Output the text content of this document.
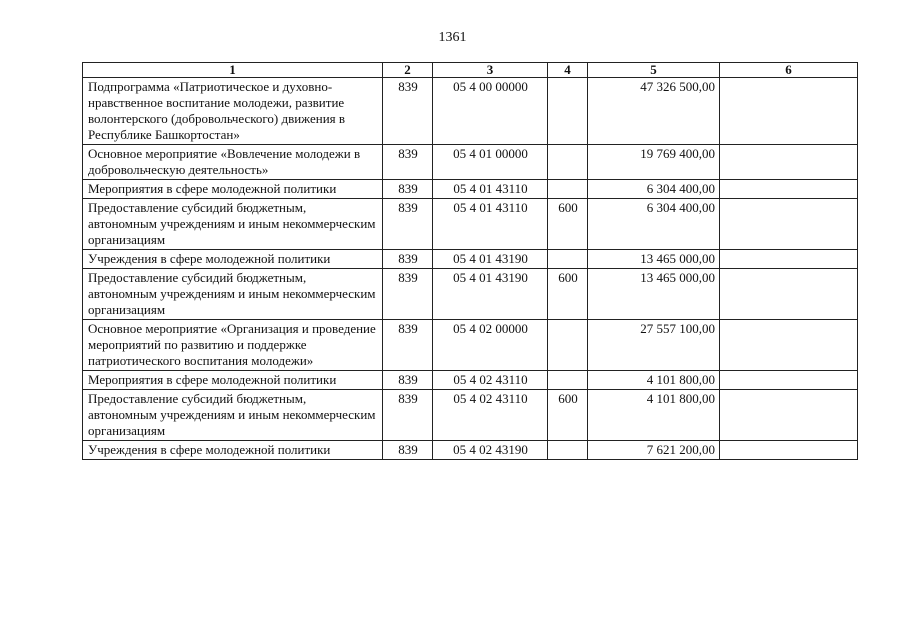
1361
1	2	3	4	5	6
Подпрограмма «Патриотическое и духовно-нравственное воспитание молодежи, развитие волонтерского (добровольческого) движения в Республике Башкортостан»	839	05 4 00 00000		47 326 500,00	
Основное мероприятие «Вовлечение молодежи в добровольческую деятельность»	839	05 4 01 00000		19 769 400,00	
Мероприятия в сфере молодежной политики	839	05 4 01 43110		6 304 400,00	
Предоставление субсидий бюджетным, автономным учреждениям и иным некоммерческим организациям	839	05 4 01 43110	600	6 304 400,00	
Учреждения в сфере молодежной политики	839	05 4 01 43190		13 465 000,00	
Предоставление субсидий бюджетным, автономным учреждениям и иным некоммерческим организациям	839	05 4 01 43190	600	13 465 000,00	
Основное мероприятие «Организация и проведение мероприятий по развитию и поддержке патриотического воспитания молодежи»	839	05 4 02 00000		27 557 100,00	
Мероприятия в сфере молодежной политики	839	05 4 02 43110		4 101 800,00	
Предоставление субсидий бюджетным, автономным учреждениям и иным некоммерческим организациям	839	05 4 02 43110	600	4 101 800,00	
Учреждения в сфере молодежной политики	839	05 4 02 43190		7 621 200,00	
